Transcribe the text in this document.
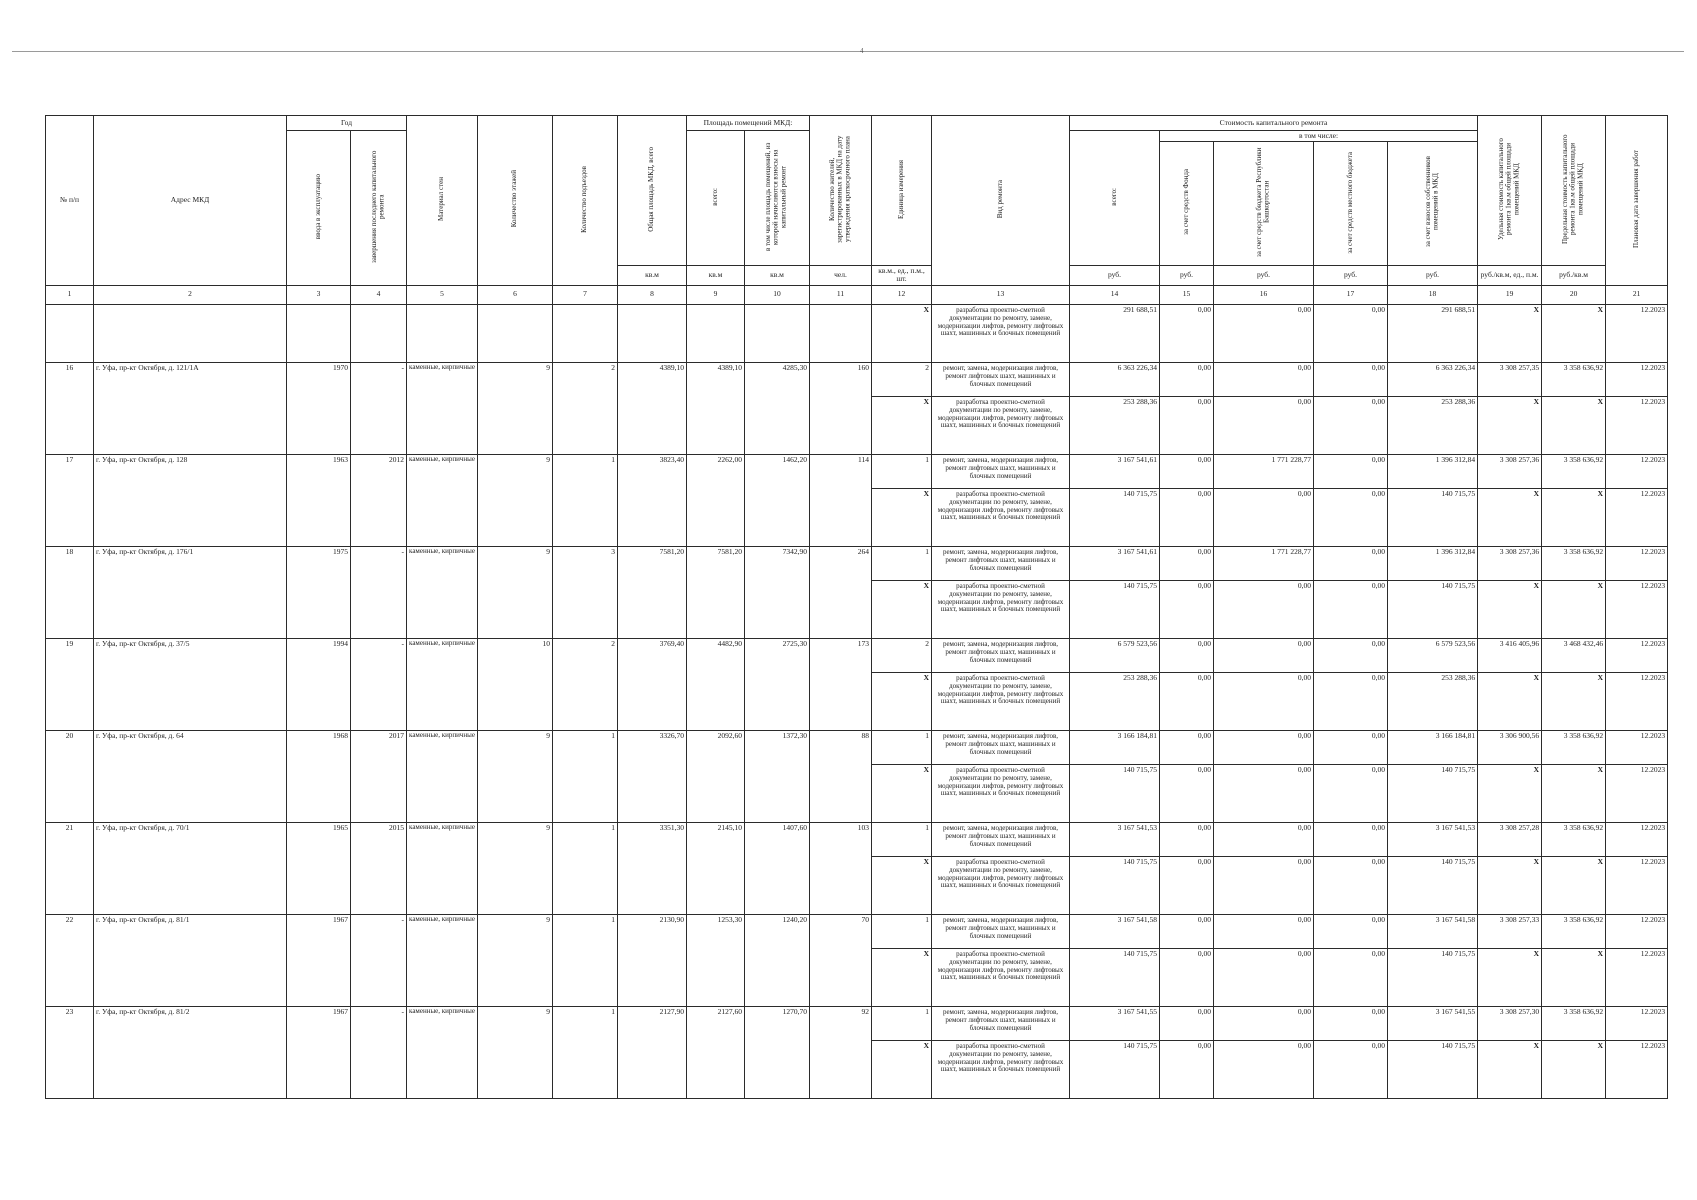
4
№ п/п	Адрес МКД	Год		Материал стен	Количество этажей	Количество подъездов	Общая площадь МКД, всего	Площадь помещений МКД:		Количество жителей, зарегистрированных в МКД на дату утверждения краткосрочного плана	Единица измерения	Вид ремонта	Стоимость капитального ремонта					Удельная стоимость капитального ремонта 1кв.м общей площади помещений МКД	Предельная стоимость капитального ремонта 1кв.м общей площади помещений МКД	Плановая дата завершения работ
		ввода в эксплуатацию	завершения последнего капитального ремонта					всего:	в том числе площадь помещений, из которой начисляются взносы на капитальный ремонт				всего:	в том числе:						
														за счет средств Фонда	за счет средств бюджета Республики Башкортостан	за счет средств местного бюджета	за счет взносов собственников помещений в МКД			
							кв.м	кв.м	кв.м	чел.	кв.м., ед., п.м., шт.		руб.	руб.	руб.	руб.	руб.	руб./кв.м, ед., п.м.	руб./кв.м	
1	2	3	4	5	6	7	8	9	10	11	12	13	14	15	16	17	18	19	20	21
											X	разработка проектно-сметной документации по ремонту, замене, модернизации лифтов, ремонту лифтовых шахт, машинных и блочных помещений	291 688,51	0,00	0,00	0,00	291 688,51	X	X	12.2023
16	г. Уфа, пр-кт Октября, д. 121/1А	1970	-	каменные, кирпичные	9	2	4389,10	4389,10	4285,30	160	2	ремонт, замена, модернизация лифтов, ремонт лифтовых шахт, машинных и блочных помещений	6 363 226,34	0,00	0,00	0,00	6 363 226,34	3 308 257,35	3 358 636,92	12.2023
											X	разработка проектно-сметной документации по ремонту, замене, модернизации лифтов, ремонту лифтовых шахт, машинных и блочных помещений	253 288,36	0,00	0,00	0,00	253 288,36	X	X	12.2023
17	г. Уфа, пр-кт Октября, д. 128	1963	2012	каменные, кирпичные	9	1	3823,40	2262,00	1462,20	114	1	ремонт, замена, модернизация лифтов, ремонт лифтовых шахт, машинных и блочных помещений	3 167 541,61	0,00	1 771 228,77	0,00	1 396 312,84	3 308 257,36	3 358 636,92	12.2023
											X	разработка проектно-сметной документации по ремонту, замене, модернизации лифтов, ремонту лифтовых шахт, машинных и блочных помещений	140 715,75	0,00	0,00	0,00	140 715,75	X	X	12.2023
18	г. Уфа, пр-кт Октября, д. 176/1	1975	-	каменные, кирпичные	9	3	7581,20	7581,20	7342,90	264	1	ремонт, замена, модернизация лифтов, ремонт лифтовых шахт, машинных и блочных помещений	3 167 541,61	0,00	1 771 228,77	0,00	1 396 312,84	3 308 257,36	3 358 636,92	12.2023
											X	разработка проектно-сметной документации по ремонту, замене, модернизации лифтов, ремонту лифтовых шахт, машинных и блочных помещений	140 715,75	0,00	0,00	0,00	140 715,75	X	X	12.2023
19	г. Уфа, пр-кт Октября, д. 37/5	1994	-	каменные, кирпичные	10	2	3769,40	4482,90	2725,30	173	2	ремонт, замена, модернизация лифтов, ремонт лифтовых шахт, машинных и блочных помещений	6 579 523,56	0,00	0,00	0,00	6 579 523,56	3 416 405,96	3 468 432,46	12.2023
											X	разработка проектно-сметной документации по ремонту, замене, модернизации лифтов, ремонту лифтовых шахт, машинных и блочных помещений	253 288,36	0,00	0,00	0,00	253 288,36	X	X	12.2023
20	г. Уфа, пр-кт Октября, д. 64	1968	2017	каменные, кирпичные	9	1	3326,70	2092,60	1372,30	88	1	ремонт, замена, модернизация лифтов, ремонт лифтовых шахт, машинных и блочных помещений	3 166 184,81	0,00	0,00	0,00	3 166 184,81	3 306 900,56	3 358 636,92	12.2023
											X	разработка проектно-сметной документации по ремонту, замене, модернизации лифтов, ремонту лифтовых шахт, машинных и блочных помещений	140 715,75	0,00	0,00	0,00	140 715,75	X	X	12.2023
21	г. Уфа, пр-кт Октября, д. 70/1	1965	2015	каменные, кирпичные	9	1	3351,30	2145,10	1407,60	103	1	ремонт, замена, модернизация лифтов, ремонт лифтовых шахт, машинных и блочных помещений	3 167 541,53	0,00	0,00	0,00	3 167 541,53	3 308 257,28	3 358 636,92	12.2023
											X	разработка проектно-сметной документации по ремонту, замене, модернизации лифтов, ремонту лифтовых шахт, машинных и блочных помещений	140 715,75	0,00	0,00	0,00	140 715,75	X	X	12.2023
22	г. Уфа, пр-кт Октября, д. 81/1	1967	-	каменные, кирпичные	9	1	2130,90	1253,30	1240,20	70	1	ремонт, замена, модернизация лифтов, ремонт лифтовых шахт, машинных и блочных помещений	3 167 541,58	0,00	0,00	0,00	3 167 541,58	3 308 257,33	3 358 636,92	12.2023
											X	разработка проектно-сметной документации по ремонту, замене, модернизации лифтов, ремонту лифтовых шахт, машинных и блочных помещений	140 715,75	0,00	0,00	0,00	140 715,75	X	X	12.2023
23	г. Уфа, пр-кт Октября, д. 81/2	1967	-	каменные, кирпичные	9	1	2127,90	2127,60	1270,70	92	1	ремонт, замена, модернизация лифтов, ремонт лифтовых шахт, машинных и блочных помещений	3 167 541,55	0,00	0,00	0,00	3 167 541,55	3 308 257,30	3 358 636,92	12.2023
											X	разработка проектно-сметной документации по ремонту, замене, модернизации лифтов, ремонту лифтовых шахт, машинных и блочных помещений	140 715,75	0,00	0,00	0,00	140 715,75	X	X	12.2023
